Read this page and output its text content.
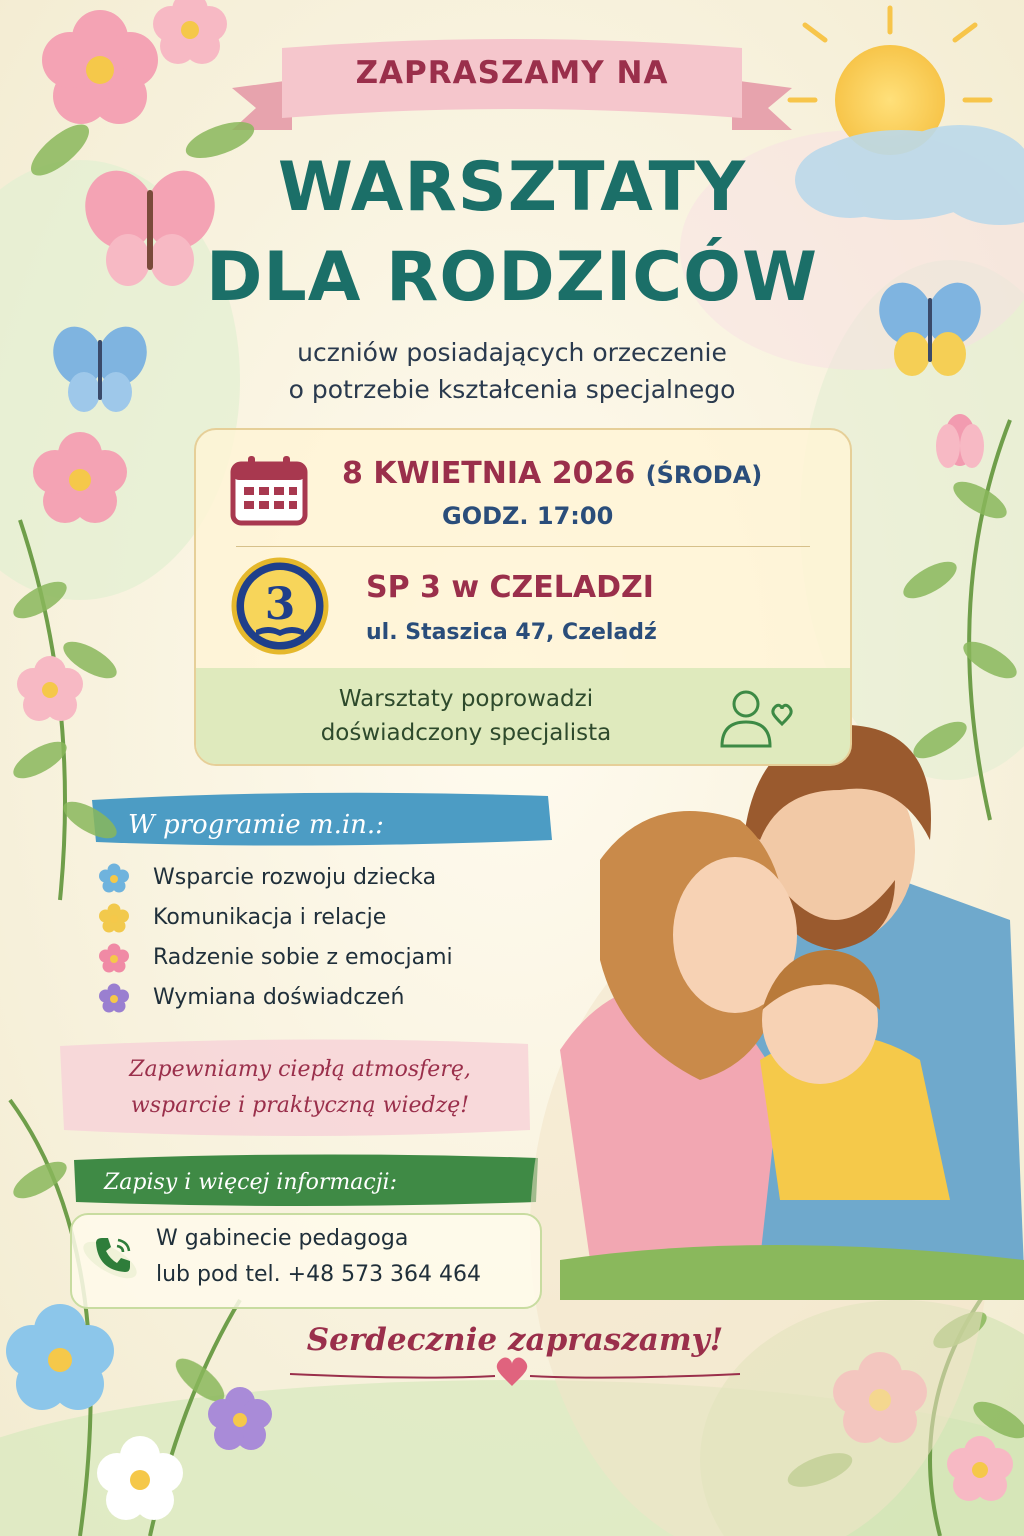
ZAPRASZAMY NA
WARSZTATY
DLA RODZICÓW
uczniów posiadających orzeczenie
o potrzebie kształcenia specjalnego
8 KWIETNIA 2026 (ŚRODA)
GODZ. 17:00
3 SP 3 w CZELADZI
ul. Staszica 47, Czeladź
Warsztaty poprowadzi
doświadczony specjalista
W programie m.in.:
Wsparcie rozwoju dziecka
Komunikacja i relacje
Radzenie sobie z emocjami
Wymiana doświadczeń
Zapewniamy ciepłą atmosferę,
wsparcie i praktyczną wiedzę!
Zapisy i więcej informacji:
W gabinecie pedagoga
lub pod tel. +48 573 364 464
Serdecznie zapraszamy!
